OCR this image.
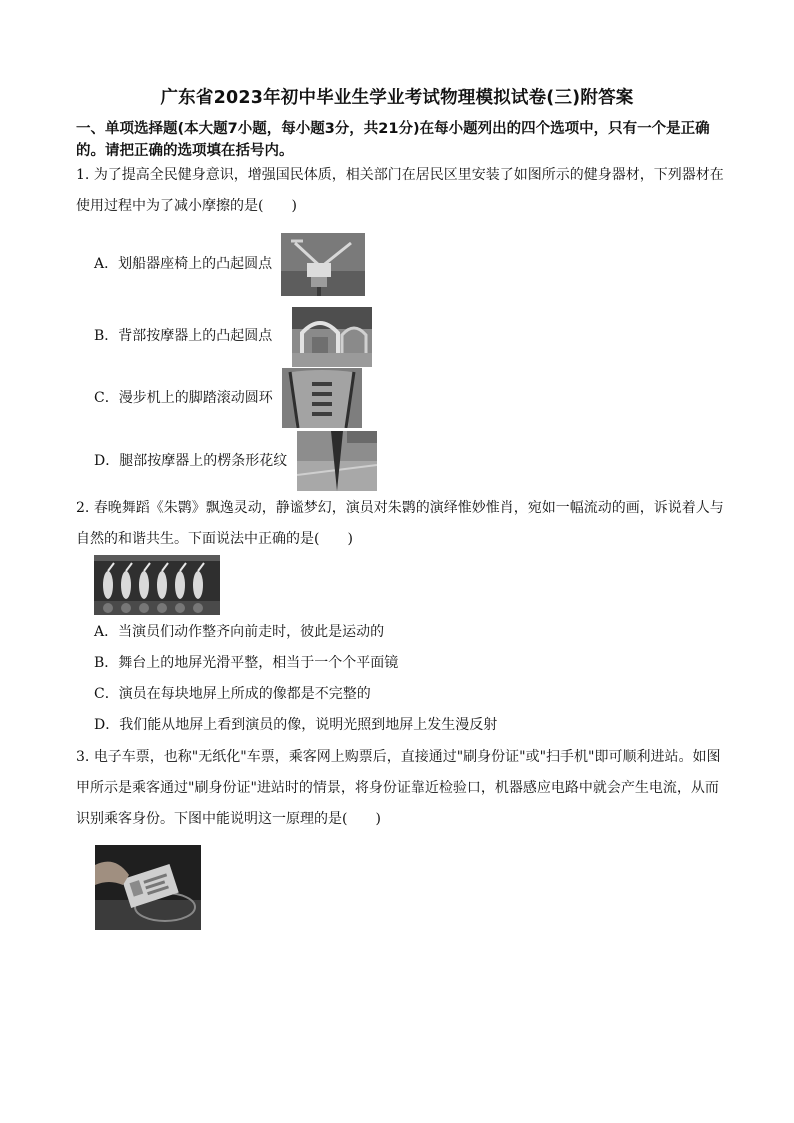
广东省2023年初中毕业生学业考试物理模拟试卷(三)附答案
一、单项选择题(本大题7小题，每小题3分，共21分)在每小题列出的四个选项中，只有一个是正确的。请把正确的选项填在括号内。
1. 为了提高全民健身意识，增强国民体质，相关部门在居民区里安装了如图所示的健身器材，下列器材在使用过程中为了减小摩擦的是(　　)
A．划船器座椅上的凸起圆点
B．背部按摩器上的凸起圆点
C．漫步机上的脚踏滚动圆环
D．腿部按摩器上的楞条形花纹
2. 春晚舞蹈《朱鹮》飘逸灵动，静谧梦幻，演员对朱鹮的演绎惟妙惟肖，宛如一幅流动的画，诉说着人与自然的和谐共生。下面说法中正确的是(　　)
A．当演员们动作整齐向前走时，彼此是运动的
B．舞台上的地屏光滑平整，相当于一个个平面镜
C．演员在每块地屏上所成的像都是不完整的
D．我们能从地屏上看到演员的像，说明光照到地屏上发生漫反射
3. 电子车票，也称"无纸化"车票，乘客网上购票后，直接通过"刷身份证"或"扫手机"即可顺利进站。如图甲所示是乘客通过"刷身份证"进站时的情景，将身份证靠近检验口，机器感应电路中就会产生电流，从而识别乘客身份。下图中能说明这一原理的是(　　)
